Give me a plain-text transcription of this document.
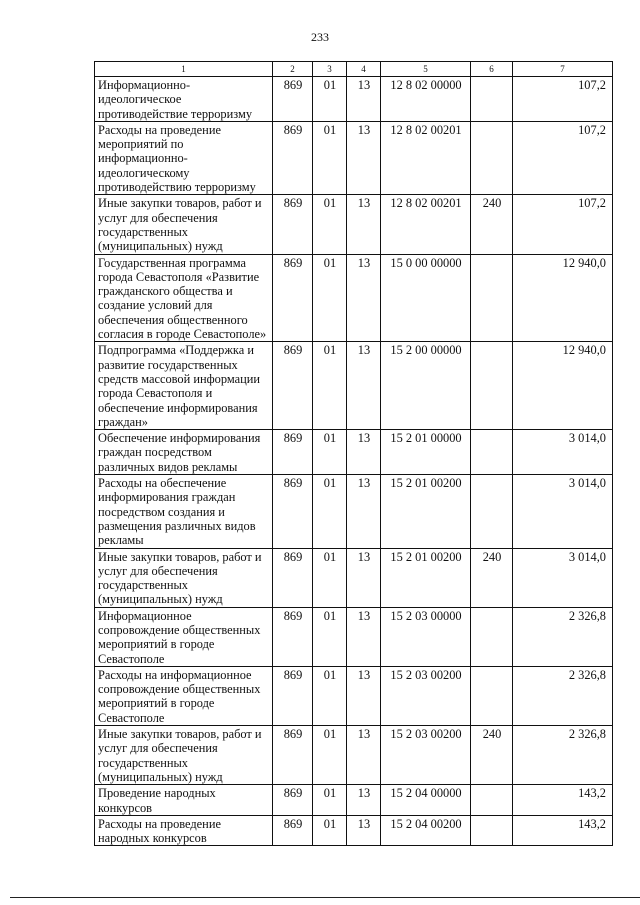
233
1	2	3	4	5	6	7
Информационно-идеологическое противодействие терроризму	869	01	13	12 8 02 00000		107,2
Расходы на проведение мероприятий по информационно-идеологическому противодействию терроризму	869	01	13	12 8 02 00201		107,2
Иные закупки товаров, работ и услуг для обеспечения государственных (муниципальных) нужд	869	01	13	12 8 02 00201	240	107,2
Государственная программа города Севастополя «Развитие гражданского общества и создание условий для обеспечения общественного согласия в городе Севастополе»	869	01	13	15 0 00 00000		12 940,0
Подпрограмма «Поддержка и развитие государственных средств массовой информации города Севастополя и обеспечение информирования граждан»	869	01	13	15 2 00 00000		12 940,0
Обеспечение информирования граждан посредством различных видов рекламы	869	01	13	15 2 01 00000		3 014,0
Расходы на обеспечение информирования граждан посредством создания и размещения различных видов рекламы	869	01	13	15 2 01 00200		3 014,0
Иные закупки товаров, работ и услуг для обеспечения государственных (муниципальных) нужд	869	01	13	15 2 01 00200	240	3 014,0
Информационное сопровождение общественных мероприятий в городе Севастополе	869	01	13	15 2 03 00000		2 326,8
Расходы на информационное сопровождение общественных мероприятий в городе Севастополе	869	01	13	15 2 03 00200		2 326,8
Иные закупки товаров, работ и услуг для обеспечения государственных (муниципальных) нужд	869	01	13	15 2 03 00200	240	2 326,8
Проведение народных конкурсов	869	01	13	15 2 04 00000		143,2
Расходы на проведение народных конкурсов	869	01	13	15 2 04 00200		143,2
